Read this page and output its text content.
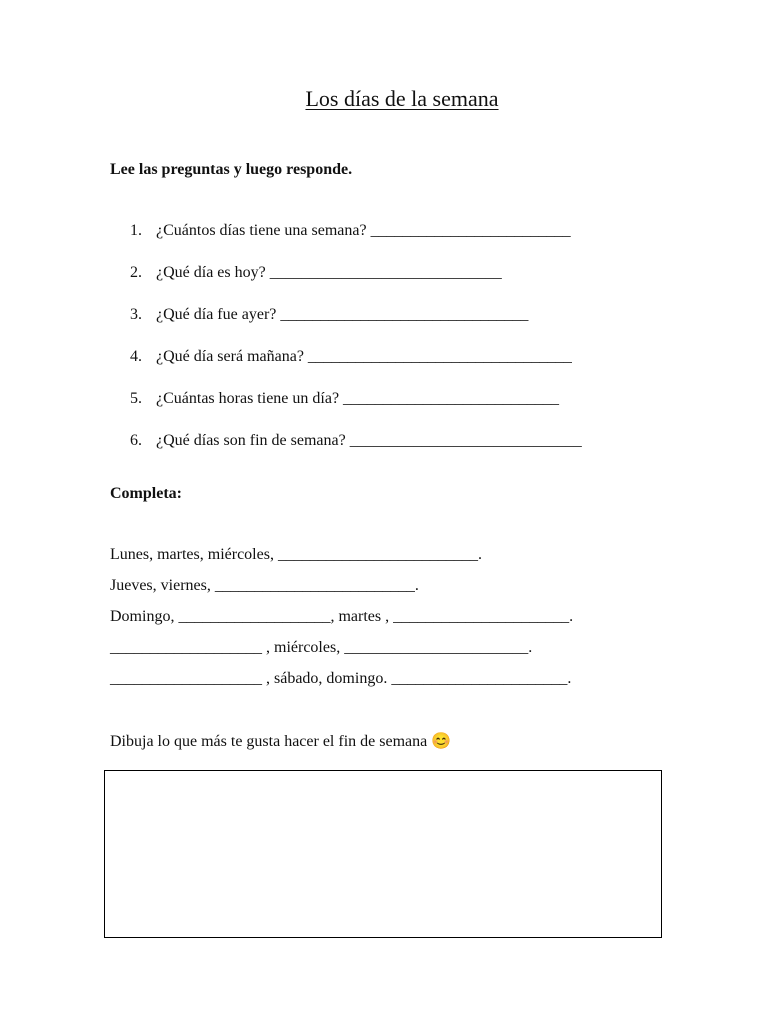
Los días de la semana
Lee las preguntas y luego responde.
1. ¿Cuántos días tiene una semana? _________________________
2. ¿Qué día es hoy? _____________________________
3. ¿Qué día fue ayer? _______________________________
4. ¿Qué día será mañana? _________________________________
5. ¿Cuántas horas tiene un día? ___________________________
6. ¿Qué días son fin de semana? _____________________________
Completa:
Lunes, martes, miércoles, _________________________.
Jueves, viernes, _________________________.
Domingo, ___________________, martes , ______________________.
___________________ , miércoles, _______________________.
___________________ , sábado, domingo. ______________________.
Dibuja lo que más te gusta hacer el fin de semana 😊
